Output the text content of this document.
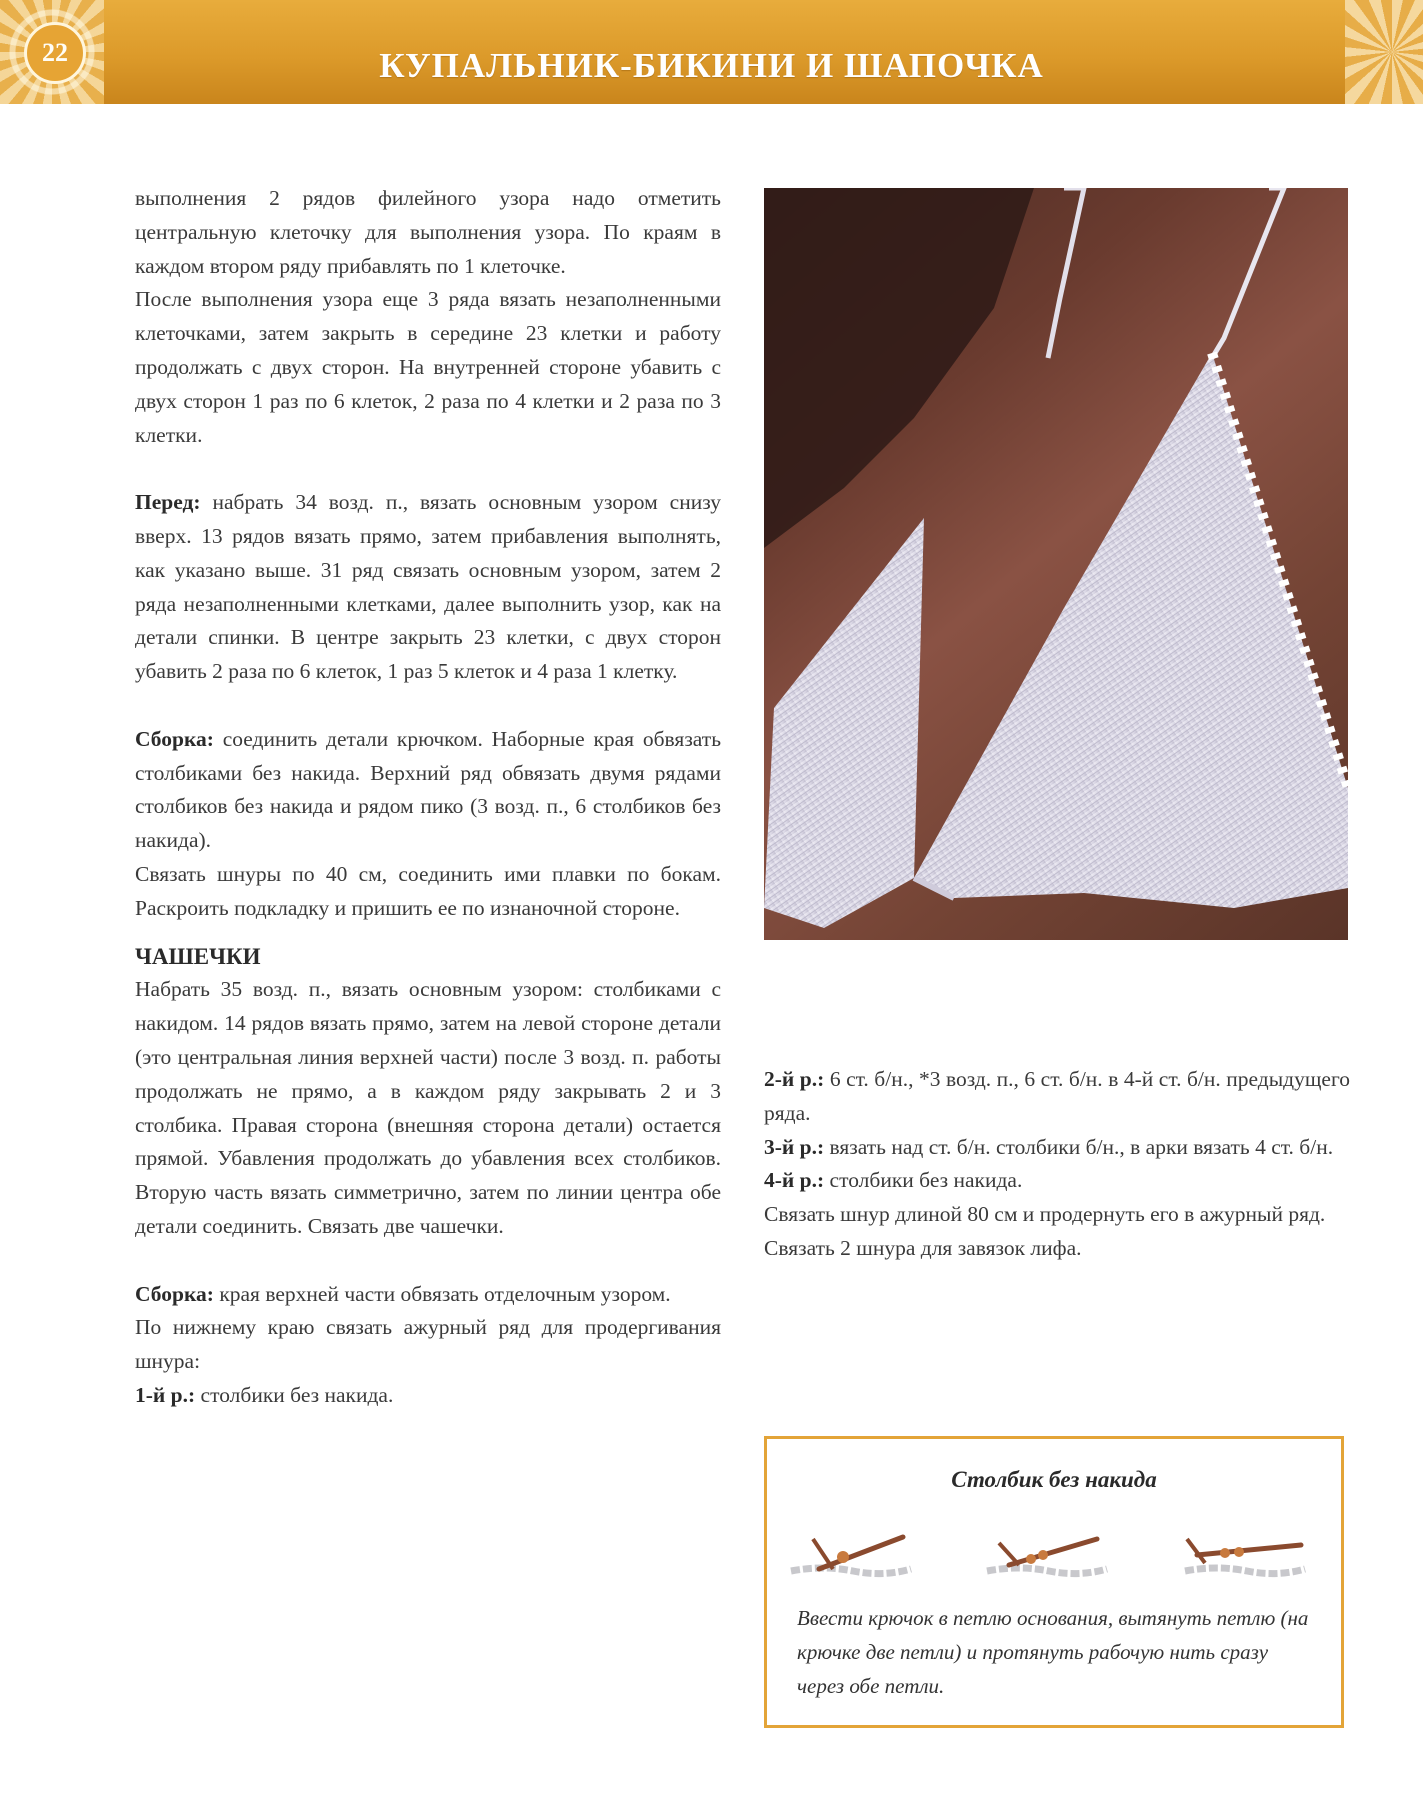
22	КУПАЛЬНИК-БИКИНИ И ШАПОЧКА

выполнения 2 рядов филейного узора надо отметить центральную клеточку для выполнения узора. По краям в каждом втором ряду прибавлять по 1 клеточке.

После выполнения узора еще 3 ряда вязать незаполненными клеточками, затем закрыть в середине 23 клетки и работу продолжать с двух сторон. На внутренней стороне убавить с двух сторон 1 раз по 6 клеток, 2 раза по 4 клетки и 2 раза по 3 клетки.

Перед: набрать 34 возд. п., вязать основным узором снизу вверх. 13 рядов вязать прямо, затем прибавления выполнять, как указано выше. 31 ряд связать основным узором, затем 2 ряда незаполненными клетками, далее выполнить узор, как на детали спинки. В центре закрыть 23 клетки, с двух сторон убавить 2 раза по 6 клеток, 1 раз 5 клеток и 4 раза 1 клетку.

Сборка: соединить детали крючком. Наборные края обвязать столбиками без накида. Верхний ряд обвязать двумя рядами столбиков без накида и рядом пико (3 возд. п., 6 столбиков без накида).

Связать шнуры по 40 см, соединить ими плавки по бокам. Раскроить подкладку и пришить ее по изнаночной стороне.

ЧАШЕЧКИ

Набрать 35 возд. п., вязать основным узором: столбиками с накидом. 14 рядов вязать прямо, затем на левой стороне детали (это центральная линия верхней части) после 3 возд. п. работы продолжать не прямо, а в каждом ряду закрывать 2 и 3 столбика. Правая сторона (внешняя сторона детали) остается прямой. Убавления продолжать до убавления всех столбиков. Вторую часть вязать симметрично, затем по линии центра обе детали соединить. Связать две чашечки.

Сборка: края верхней части обвязать отделочным узором.

По нижнему краю связать ажурный ряд для продергивания шнура:

1-й р.: столбики без накида.

2-й р.: 6 ст. б/н., *3 возд. п., 6 ст. б/н. в 4-й ст. б/н. предыдущего ряда.

3-й р.: вязать над ст. б/н. столбики б/н., в арки вязать 4 ст. б/н.

4-й р.: столбики без накида.

Связать шнур длиной 80 см и продернуть его в ажурный ряд.

Связать 2 шнура для завязок лифа.

Столбик без накида
Ввести крючок в петлю основания, вытянуть петлю (на крючке две петли) и протянуть рабочую нить сразу через обе петли.
